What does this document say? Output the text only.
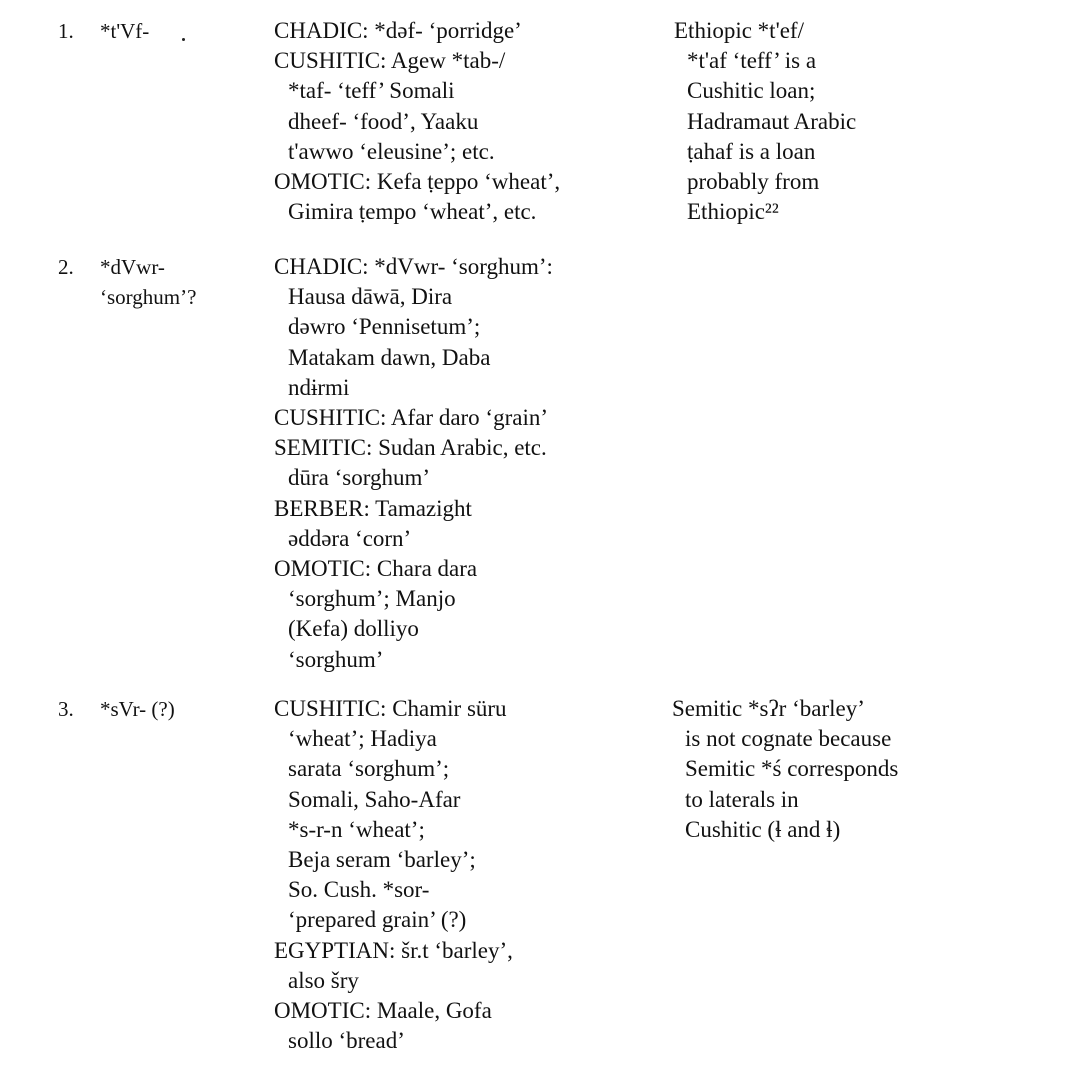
1. *t'Vf-	CHADIC: *dəf- ‘porridge’
CUSHITIC: Agew *tab-/
*taf- ‘teff’ Somali
dheef- ‘food’, Yaaku
t'awwo ‘eleusine’; etc.
OMOTIC: Kefa ṭeppo ‘wheat’,
Gimira ṭempo ‘wheat’, etc.
Ethiopic *t'ef/
*t'af ‘teff’ is a
Cushitic loan;
Hadramaut Arabic
ṭahaf is a loan
probably from
Ethiopic²²
2. *dVwr-
‘sorghum’?
CHADIC: *dVwr- ‘sorghum’:
Hausa dāwā, Dira
dəwro ‘Pennisetum’;
Matakam dawn, Daba
ndɨrmi
CUSHITIC: Afar daro ‘grain’
SEMITIC: Sudan Arabic, etc.
dūra ‘sorghum’
BERBER: Tamazight
əddəra ‘corn’
OMOTIC: Chara dara
‘sorghum’; Manjo
(Kefa) dolliyo
‘sorghum’
3. *sVr- (?)	CUSHITIC: Chamir süru
‘wheat’; Hadiya
sarata ‘sorghum’;
Somali, Saho-Afar
*s-r-n ‘wheat’;
Beja seram ‘barley’;
So. Cush. *sor-
‘prepared grain’ (?)
EGYPTIAN: šr.t ‘barley’,
also šry
OMOTIC: Maale, Gofa
sollo ‘bread’
Semitic *sʔr ‘barley’
is not cognate because
Semitic *ś corresponds
to laterals in
Cushitic (ɬ and ɬ)
